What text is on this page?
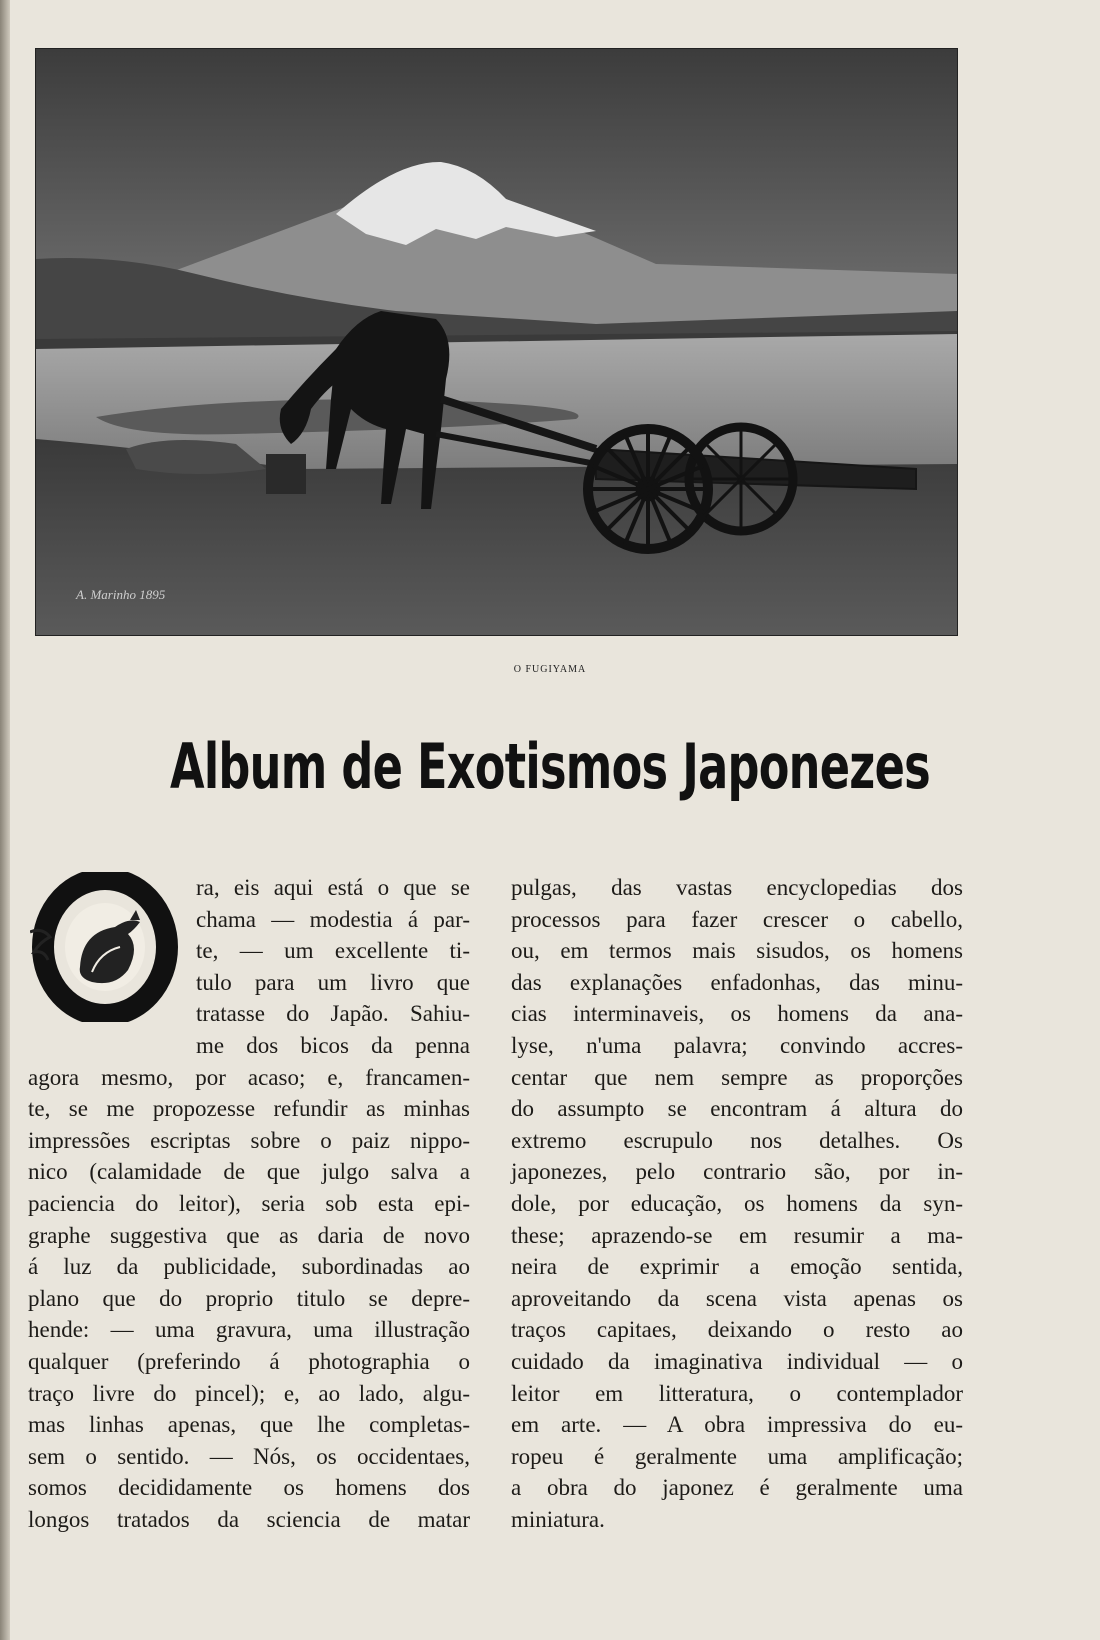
A. Marinho 1895
O FUGIYAMA
Album de Exotismos Japonezes
O	ra, eis aqui está o que se
chama — modestia á par-
te, — um excellente ti-
tulo para um livro que
tratasse do Japão. Sahiu-
me dos bicos da penna
agora mesmo, por acaso; e, francamen-
te, se me propozesse refundir as minhas
impressões escriptas sobre o paiz nippo-
nico (calamidade de que julgo salva a
paciencia do leitor), seria sob esta epi-
graphe suggestiva que as daria de novo
á luz da publicidade, subordinadas ao
plano que do proprio titulo se depre-
hende: — uma gravura, uma illustração
qualquer (preferindo á photographia o
traço livre do pincel); e, ao lado, algu-
mas linhas apenas, que lhe completas-
sem o sentido. — Nós, os occidentaes,
somos decididamente os homens dos
longos tratados da sciencia de matar
pulgas, das vastas encyclopedias dos
processos para fazer crescer o cabello,
ou, em termos mais sisudos, os homens
das explanações enfadonhas, das minu-
cias interminaveis, os homens da ana-
lyse, n'uma palavra; convindo accres-
centar que nem sempre as proporções
do assumpto se encontram á altura do
extremo escrupulo nos detalhes. Os
japonezes, pelo contrario são, por in-
dole, por educação, os homens da syn-
these; aprazendo-se em resumir a ma-
neira de exprimir a emoção sentida,
aproveitando da scena vista apenas os
traços capitaes, deixando o resto ao
cuidado da imaginativa individual — o
leitor em litteratura, o contemplador
em arte. — A obra impressiva do eu-
ropeu é geralmente uma amplificação;
a obra do japonez é geralmente uma
miniatura.
